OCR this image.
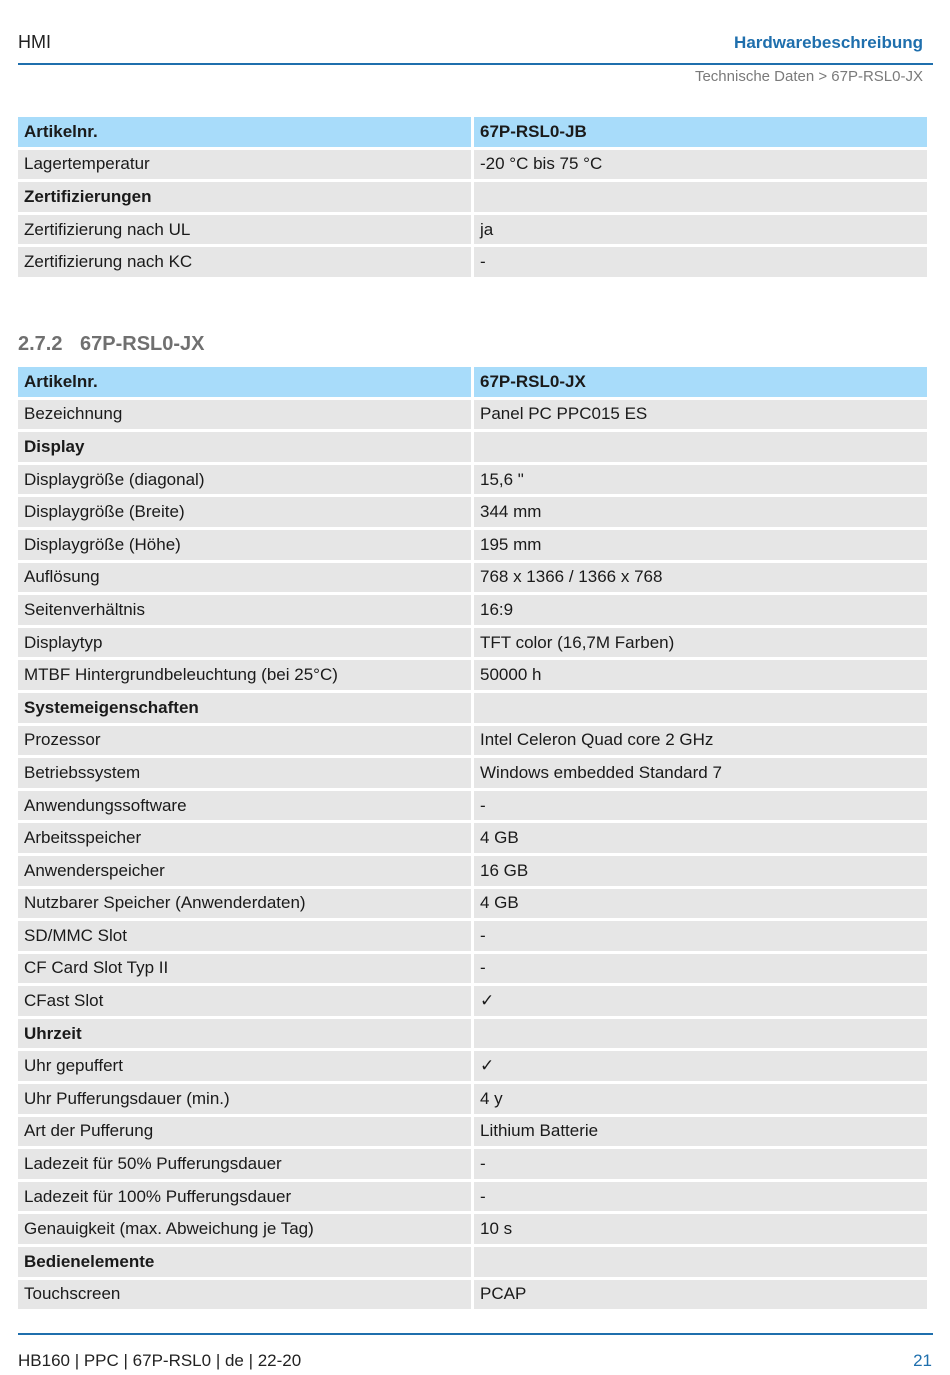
HMI	Hardwarebeschreibung
Technische Daten > 67P-RSL0-JX
Artikelnr.	67P-RSL0-JB
Lagertemperatur	-20 °C bis 75 °C
Zertifizierungen	
Zertifizierung nach UL	ja
Zertifizierung nach KC	-
2.7.2 67P-RSL0-JX
Artikelnr.	67P-RSL0-JX
Bezeichnung	Panel PC PPC015 ES
Display	
Displaygröße (diagonal)	15,6 "
Displaygröße (Breite)	344 mm
Displaygröße (Höhe)	195 mm
Auflösung	768 x 1366 / 1366 x 768
Seitenverhältnis	16:9
Displaytyp	TFT color (16,7M Farben)
MTBF Hintergrundbeleuchtung (bei 25°C)	50000 h
Systemeigenschaften	
Prozessor	Intel Celeron Quad core 2 GHz
Betriebssystem	Windows embedded Standard 7
Anwendungssoftware	-
Arbeitsspeicher	4 GB
Anwenderspeicher	16 GB
Nutzbarer Speicher (Anwenderdaten)	4 GB
SD/MMC Slot	-
CF Card Slot Typ II	-
CFast Slot	✓
Uhrzeit	
Uhr gepuffert	✓
Uhr Pufferungsdauer (min.)	4 y
Art der Pufferung	Lithium Batterie
Ladezeit für 50% Pufferungsdauer	-
Ladezeit für 100% Pufferungsdauer	-
Genauigkeit (max. Abweichung je Tag)	10 s
Bedienelemente	
Touchscreen	PCAP
HB160 | PPC | 67P-RSL0 | de | 22-20	21
